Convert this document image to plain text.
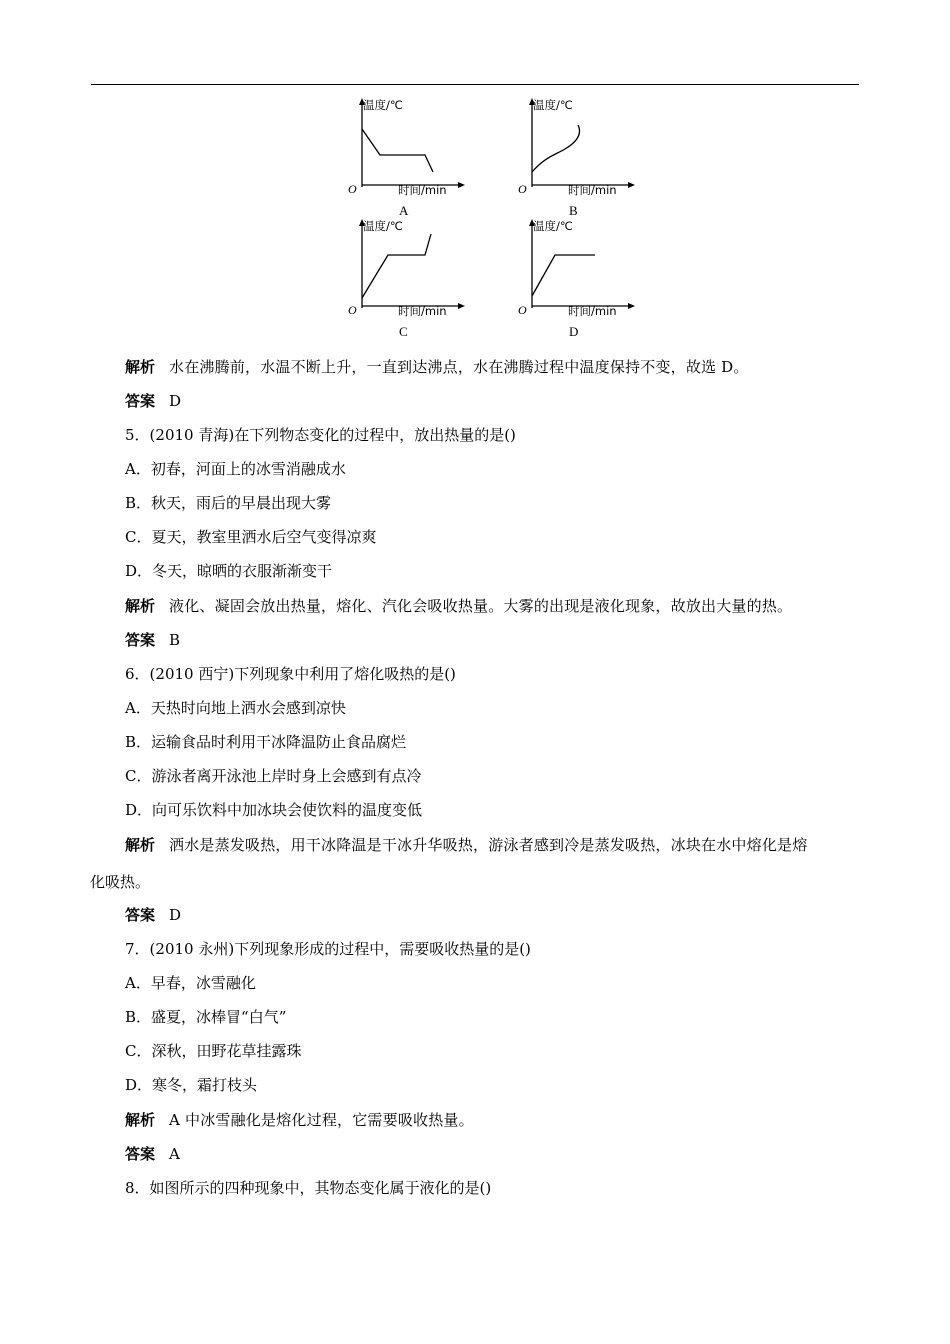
温度/℃
O	时间/min
A
温度/℃
O	时间/min
B
温度/℃
O	时间/min
C
温度/℃
O	时间/min
D
解析 水在沸腾前，水温不断上升，一直到达沸点，水在沸腾过程中温度保持不变，故选 D。
答案 D
5．(2010 青海)在下列物态变化的过程中，放出热量的是()
A．初春，河面上的冰雪消融成水
B．秋天，雨后的早晨出现大雾
C．夏天，教室里洒水后空气变得凉爽
D．冬天，晾晒的衣服渐渐变干
解析 液化、凝固会放出热量，熔化、汽化会吸收热量。大雾的出现是液化现象，故放出大量的热。
答案 B
6．(2010 西宁)下列现象中利用了熔化吸热的是()
A．天热时向地上洒水会感到凉快
B．运输食品时利用干冰降温防止食品腐烂
C．游泳者离开泳池上岸时身上会感到有点冷
D．向可乐饮料中加冰块会使饮料的温度变低
解析 洒水是蒸发吸热，用干冰降温是干冰升华吸热，游泳者感到冷是蒸发吸热，冰块在水中熔化是熔
化吸热。
答案 D
7．(2010 永州)下列现象形成的过程中，需要吸收热量的是()
A．早春，冰雪融化
B．盛夏，冰棒冒“白气”
C．深秋，田野花草挂露珠
D．寒冬，霜打枝头
解析 A 中冰雪融化是熔化过程，它需要吸收热量。
答案 A
8．如图所示的四种现象中，其物态变化属于液化的是()
